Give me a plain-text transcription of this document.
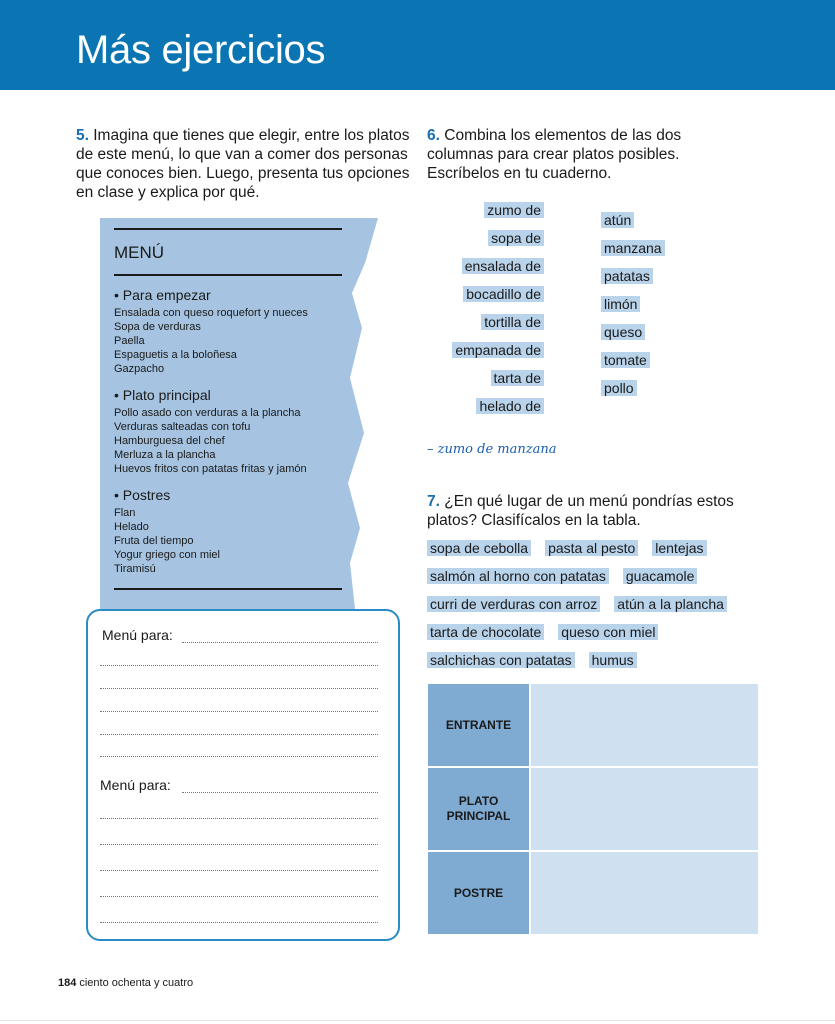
Más ejercicios
5. Imagina que tienes que elegir, entre los platos de este menú, lo que van a comer dos personas que conoces bien. Luego, presenta tus opciones en clase y explica por qué.
MENÚ
• Para empezar
Ensalada con queso roquefort y nueces
Sopa de verduras
Paella
Espaguetis a la boloñesa
Gazpacho
• Plato principal
Pollo asado con verduras a la plancha
Verduras salteadas con tofu
Hamburguesa del chef
Merluza a la plancha
Huevos fritos con patatas fritas y jamón
• Postres
Flan
Helado
Fruta del tiempo
Yogur griego con miel
Tiramisú
Menú para:
Menú para:
6. Combina los elementos de las dos columnas para crear platos posibles. Escríbelos en tu cuaderno.
zumo de
sopa de
ensalada de
bocadillo de
tortilla de
empanada de
tarta de
helado de
atún
manzana
patatas
limón
queso
tomate
pollo
– zumo de manzana
7. ¿En qué lugar de un menú pondrías estos platos? Clasifícalos en la tabla.
sopa de cebolla pasta al pesto lentejas
salmón al horno con patatas guacamole
curri de verduras con arroz atún a la plancha
tarta de chocolate queso con miel
salchichas con patatas humus
ENTRANTE
PLATO PRINCIPAL
POSTRE
184 ciento ochenta y cuatro
